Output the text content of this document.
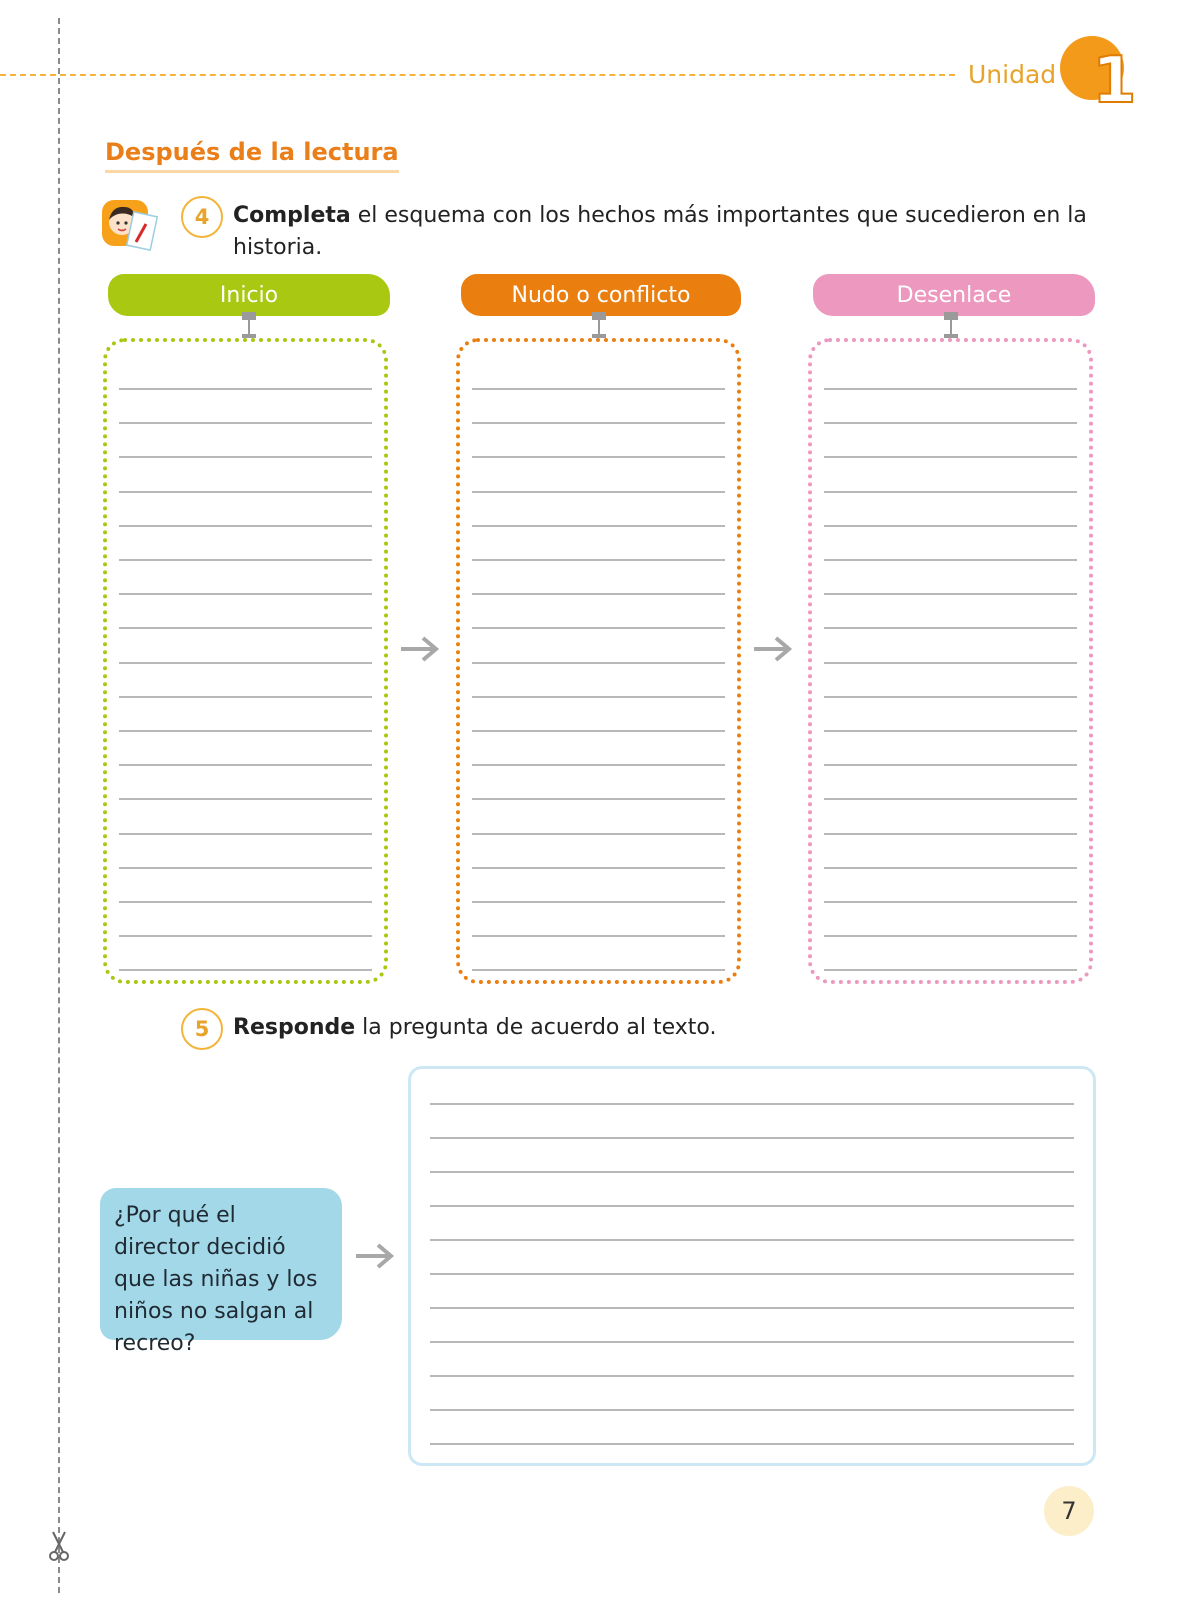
Unidad 1
Después de la lectura
4	Completa el esquema con los hechos más importantes que sucedieron en la historia.
Inicio	Nudo o conflicto	Desenlace
5	Responde la pregunta de acuerdo al texto.
¿Por qué el director decidió que las niñas y los niños no salgan al recreo?
7
